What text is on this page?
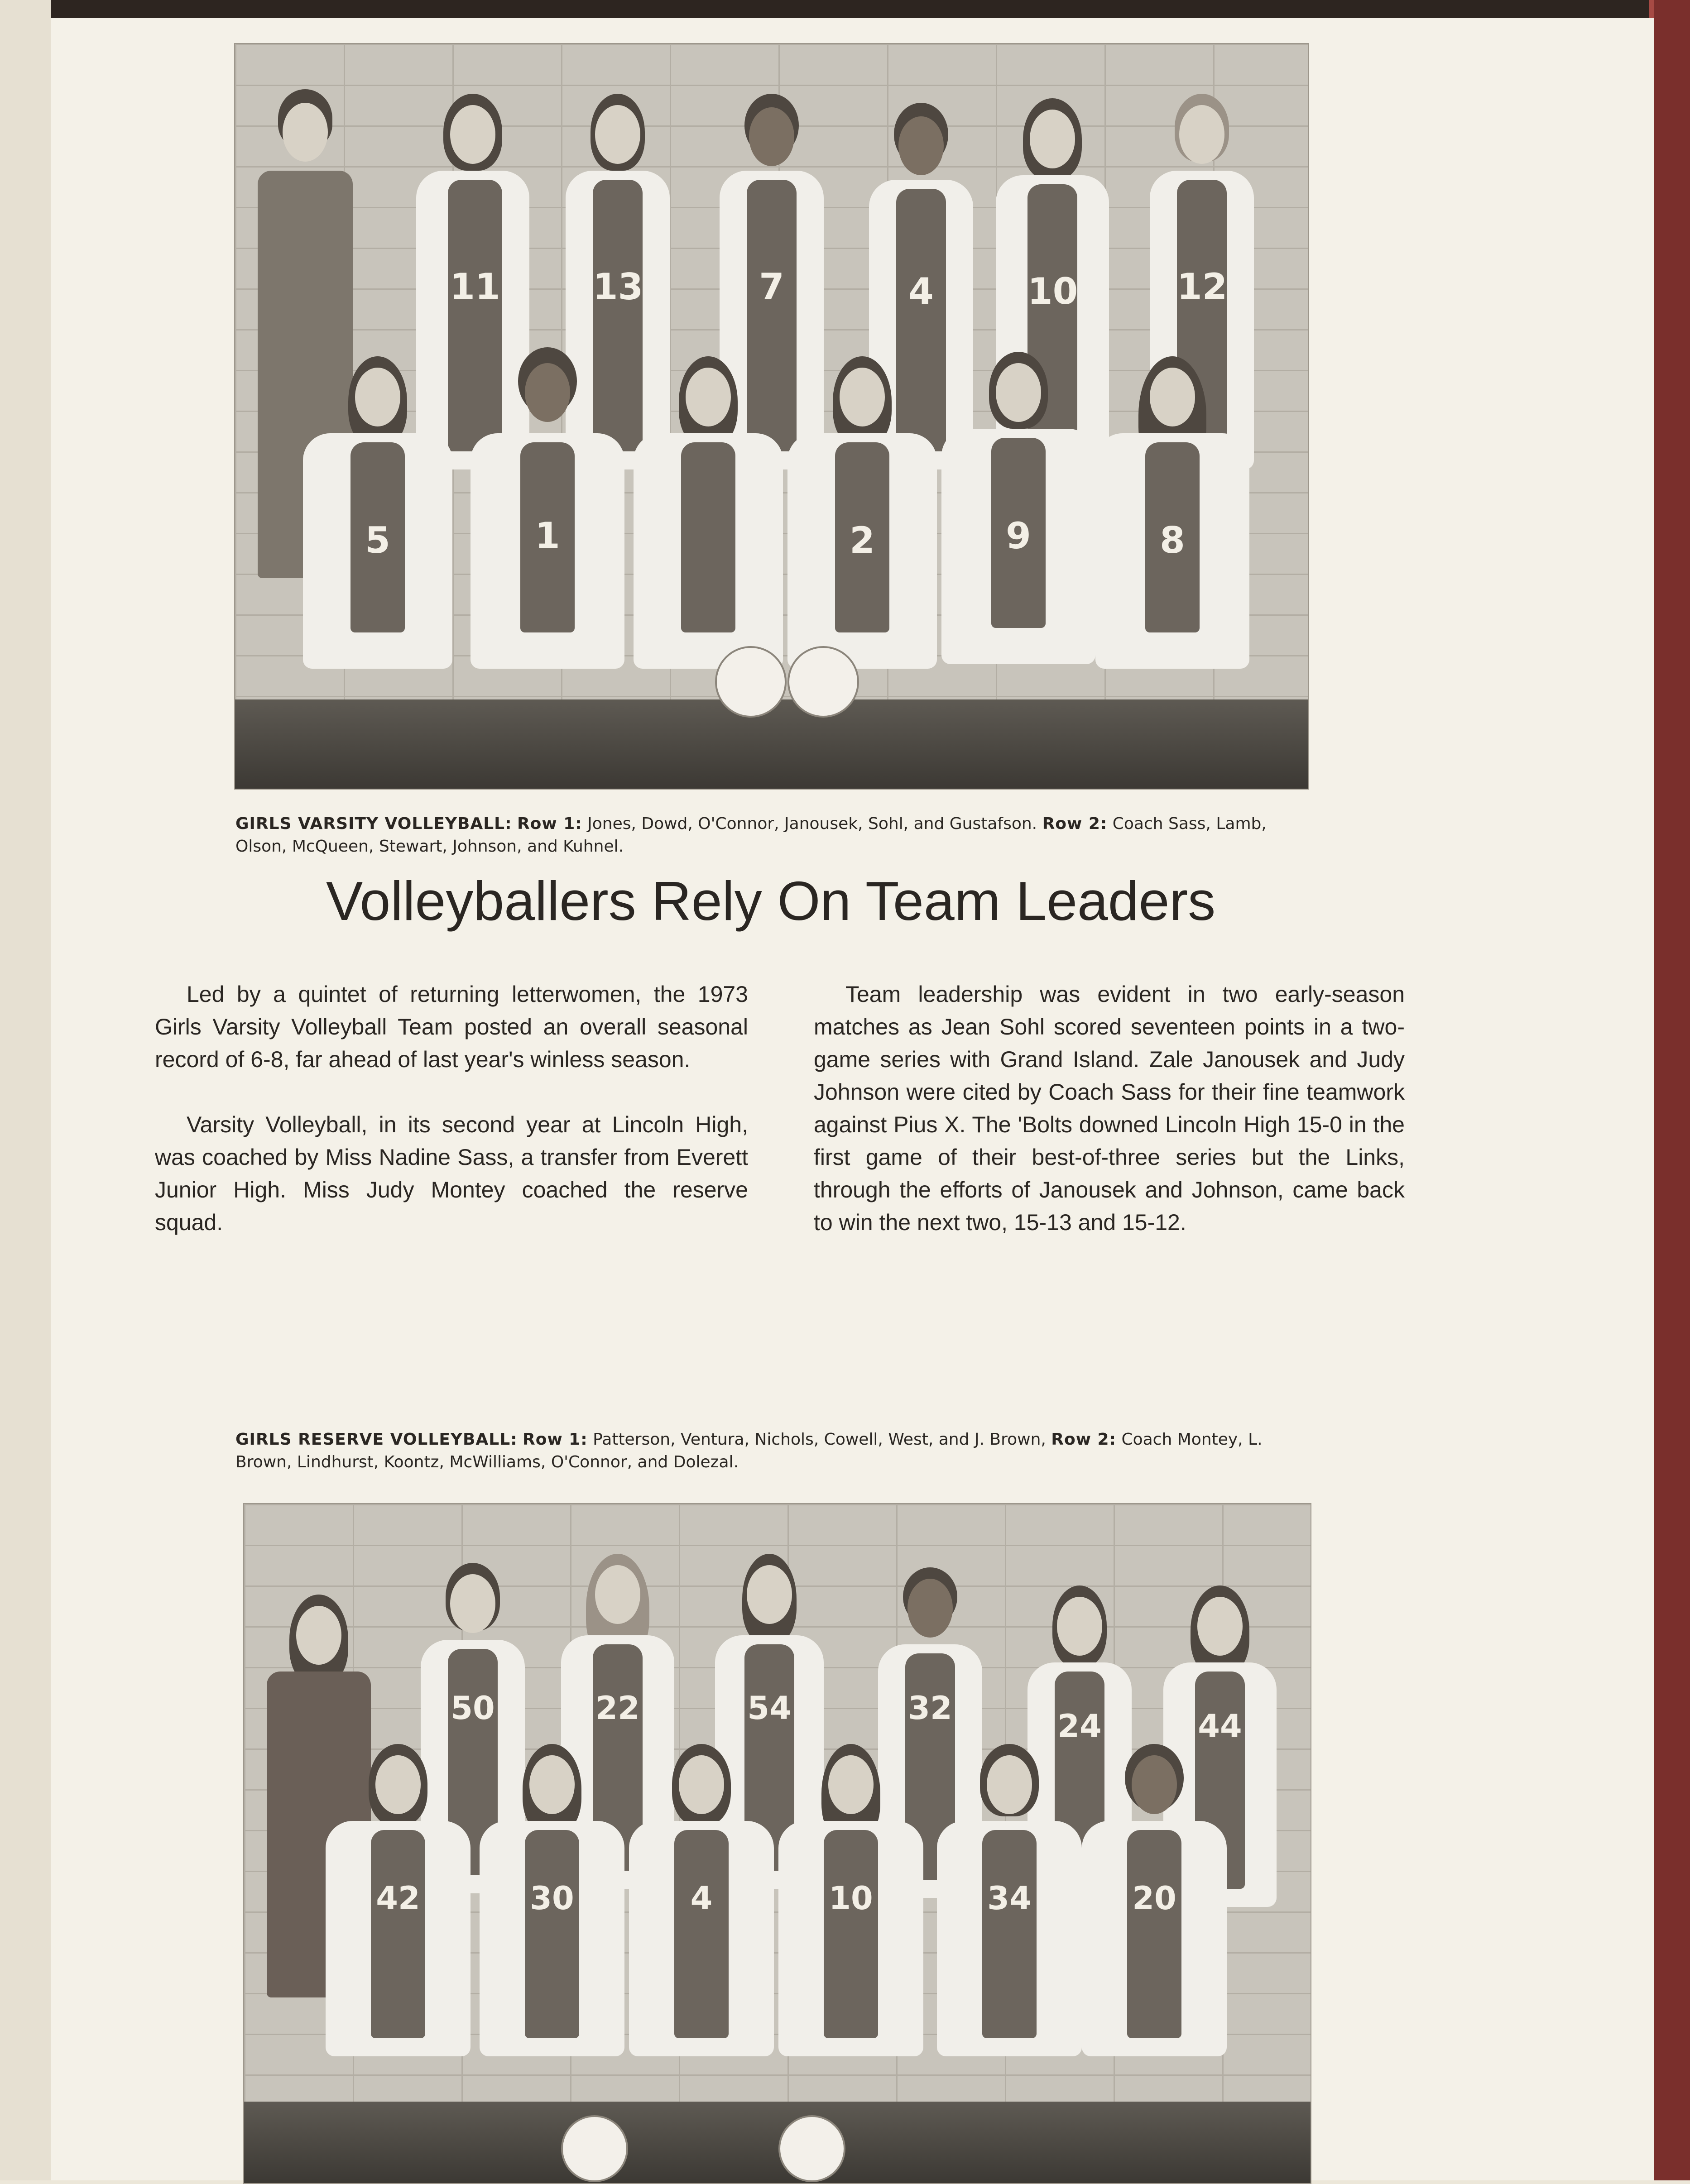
11	13	7	4	10	12
5	1	2	9	8
GIRLS VARSITY VOLLEYBALL: Row 1: Jones, Dowd, O'Connor, Janousek, Sohl, and Gustafson. Row 2: Coach Sass, Lamb, Olson, McQueen, Stewart, Johnson, and Kuhnel.
Volleyballers Rely On Team Leaders

Led by a quintet of returning letterwomen, the 1973 Girls Varsity Volleyball Team posted an overall seasonal record of 6-8, far ahead of last year's winless season.

Varsity Volleyball, in its second year at Lincoln High, was coached by Miss Nadine Sass, a transfer from Everett Junior High. Miss Judy Montey coached the reserve squad.

Team leadership was evident in two early-season matches as Jean Sohl scored seventeen points in a two-game series with Grand Island. Zale Janousek and Judy Johnson were cited by Coach Sass for their fine teamwork against Pius X. The 'Bolts downed Lincoln High 15-0 in the first game of their best-of-three series but the Links, through the efforts of Janousek and Johnson, came back to win the next two, 15-13 and 15-12.

GIRLS RESERVE VOLLEYBALL: Row 1: Patterson, Ventura, Nichols, Cowell, West, and J. Brown, Row 2: Coach Montey, L. Brown, Lindhurst, Koontz, McWilliams, O'Connor, and Dolezal.
50	22	54	32	24	44
42	30	4	10	34	20
